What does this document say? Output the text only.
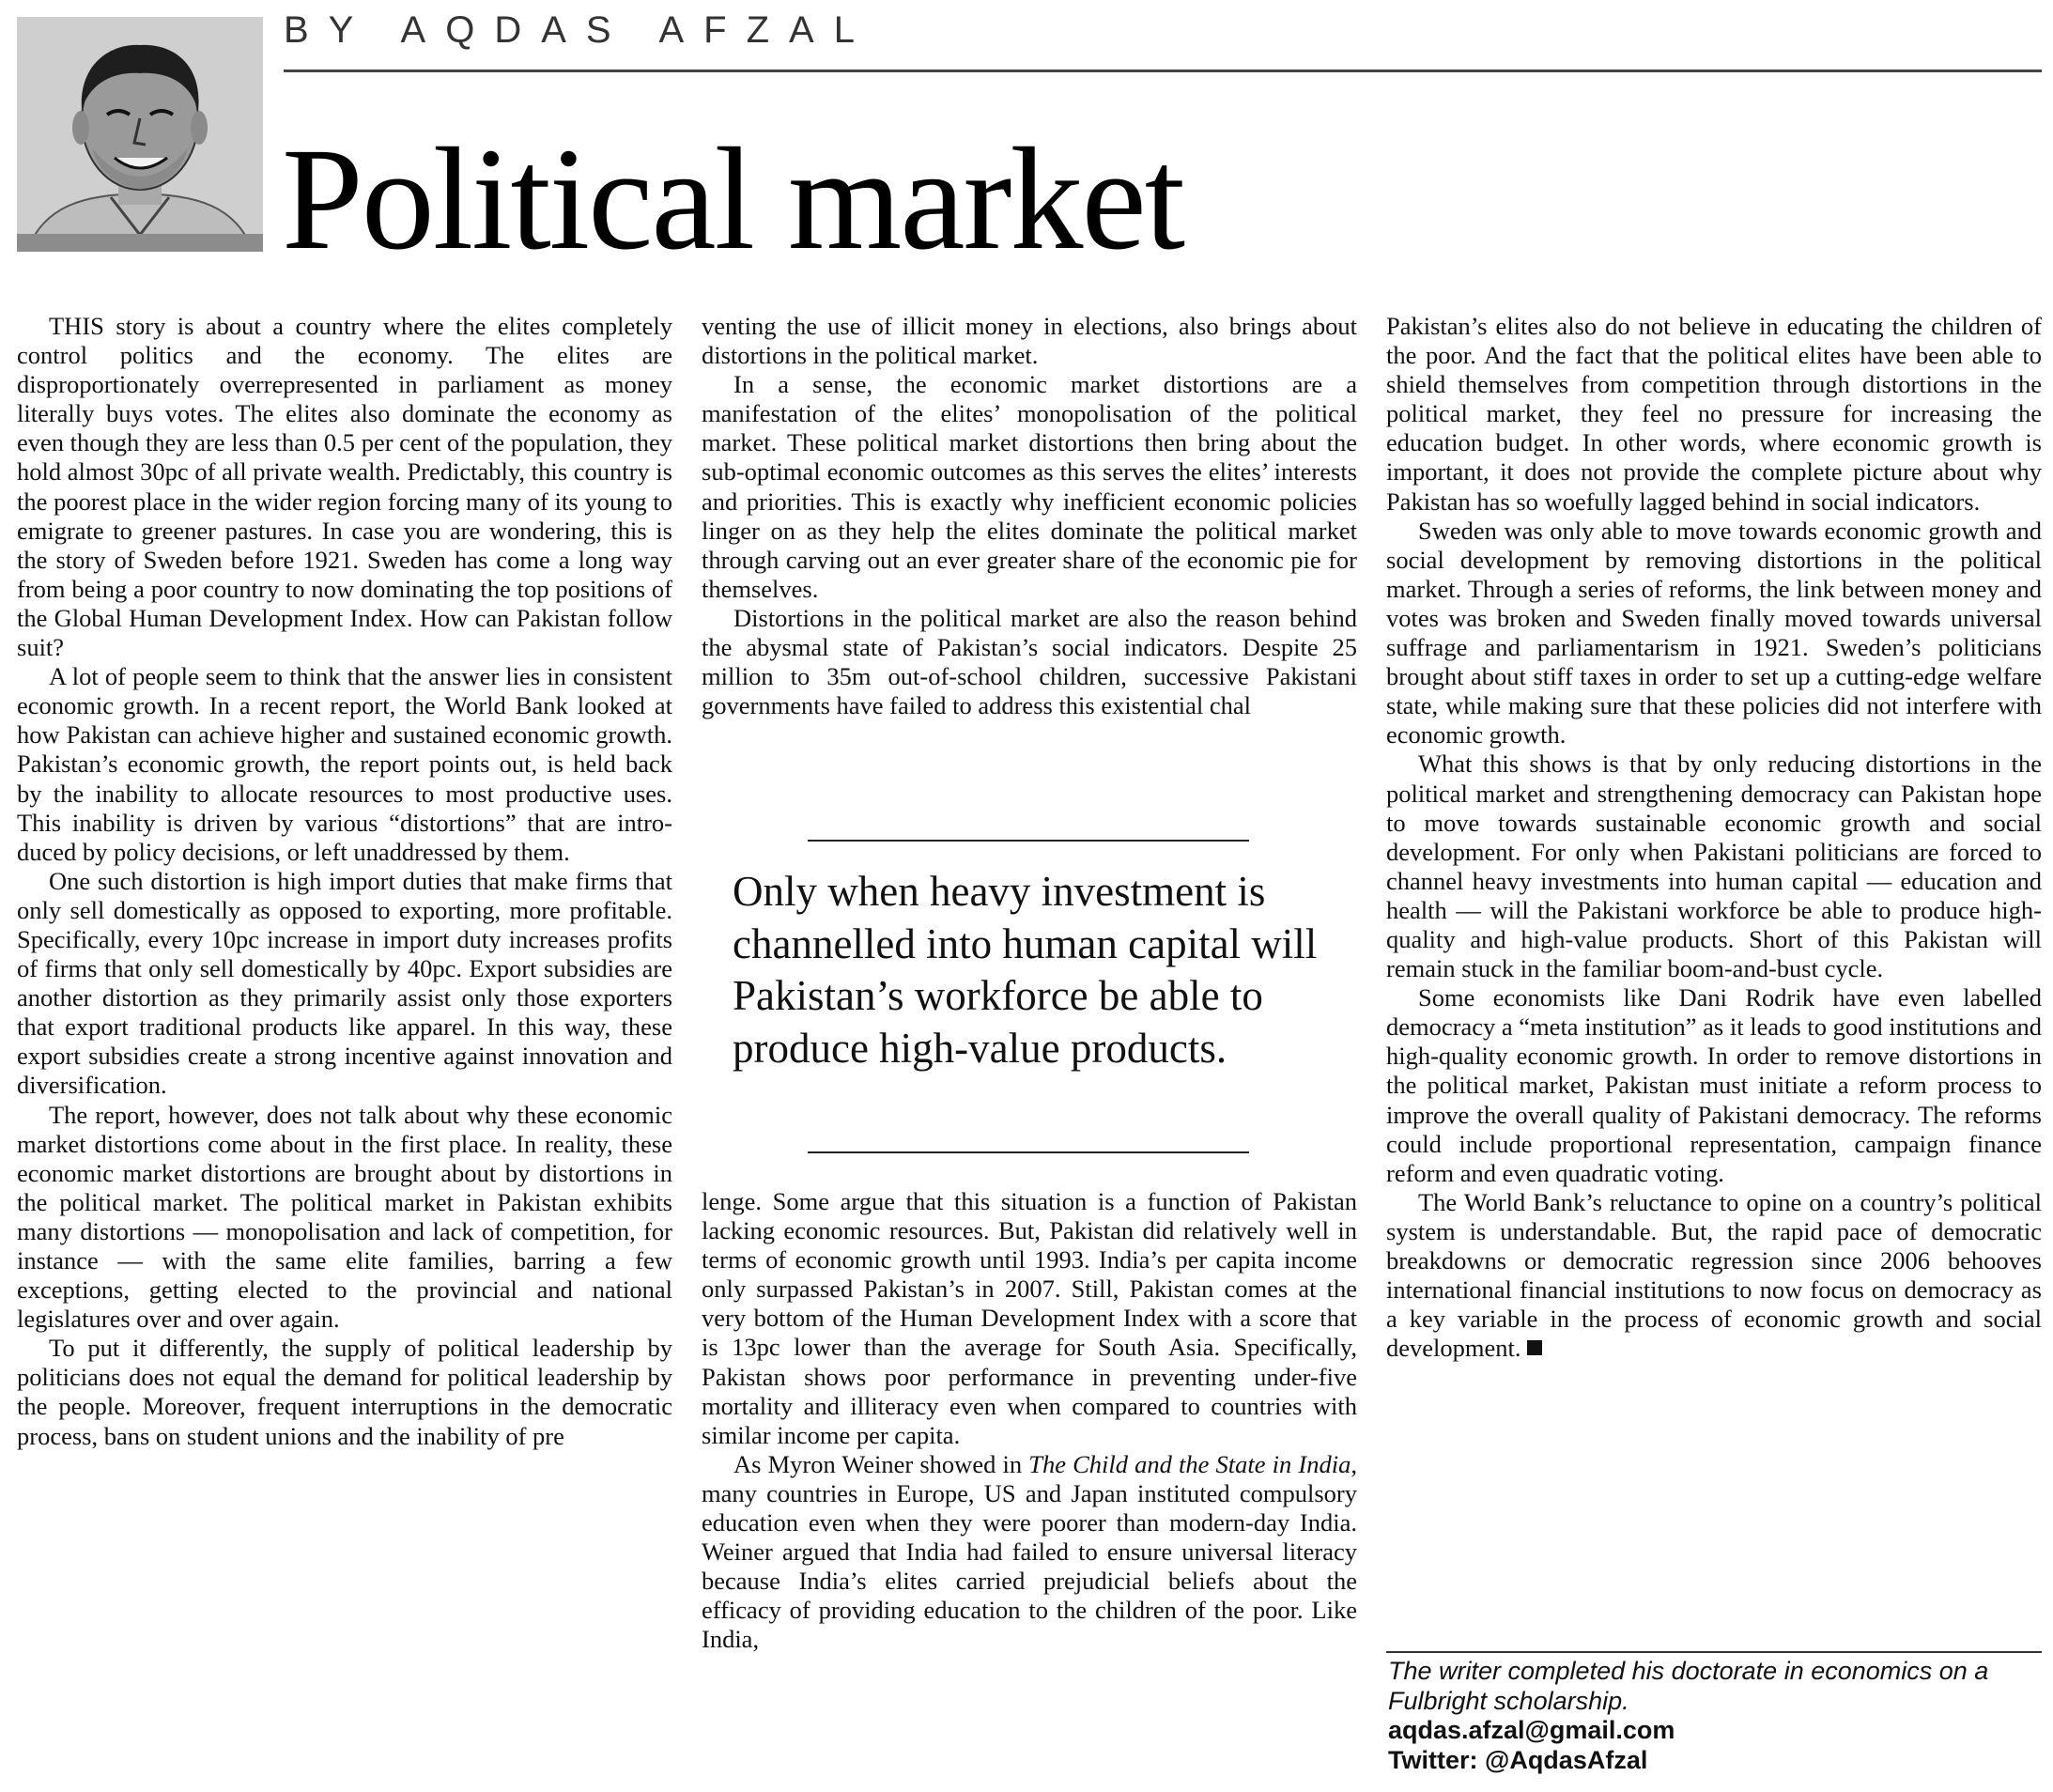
BY AQDAS AFZAL
Political market

THIS story is about a country where the elites completely control politics and the economy. The elites are disproportionately overrepresented in parliament as money literally buys votes. The elites also dominate the economy as even though they are less than 0.5 per cent of the population, they hold almost 30pc of all private wealth. Predictably, this country is the poorest place in the wider region forcing many of its young to emigrate to greener pastures. In case you are wondering, this is the story of Sweden before 1921. Sweden has come a long way from being a poor country to now dominating the top positions of the Global Human Development Index. How can Pakistan follow suit?

A lot of people seem to think that the answer lies in consistent economic growth. In a recent report, the World Bank looked at how Pakistan can achieve higher and sustained economic growth. Pakistan’s economic growth, the report points out, is held back by the inability to allocate resources to most productive uses. This inability is driven by various “distortions” that are introduced by policy decisions, or left unaddressed by them.

One such distortion is high import duties that make firms that only sell domestically as opposed to exporting, more profitable. Specifically, every 10pc increase in import duty increases profits of firms that only sell domestically by 40pc. Export subsidies are another distortion as they primarily assist only those exporters that export traditional products like apparel. In this way, these export subsidies create a strong incentive against innovation and diversification.

The report, however, does not talk about why these economic market distortions come about in the first place. In reality, these economic market distortions are brought about by distortions in the political market. The political market in Pakistan exhibits many distortions — monopolisation and lack of competition, for instance — with the same elite families, barring a few exceptions, getting elected to the provincial and national legislatures over and over again.

To put it differently, the supply of political leadership by politicians does not equal the demand for political leadership by the people. Moreover, frequent interruptions in the democratic process, bans on student unions and the inability of pre

venting the use of illicit money in elections, also brings about distortions in the political market.

In a sense, the economic market distortions are a manifestation of the elites’ monopolisation of the political market. These political market distortions then bring about the sub-optimal economic outcomes as this serves the elites’ interests and priorities. This is exactly why inefficient economic policies linger on as they help the elites dominate the political market through carving out an ever greater share of the economic pie for themselves.

Distortions in the political market are also the reason behind the abysmal state of Pakistan’s social indicators. Despite 25 million to 35m out-of-school children, successive Pakistani governments have failed to address this existential chal

Only when heavy investment is channelled into human capital will Pakistan’s workforce be able to produce high-value products.

lenge. Some argue that this situation is a function of Pakistan lacking economic resources. But, Pakistan did relatively well in terms of economic growth until 1993. India’s per capita income only surpassed Pakistan’s in 2007. Still, Pakistan comes at the very bottom of the Human Development Index with a score that is 13pc lower than the average for South Asia. Specifically, Pakistan shows poor performance in preventing under-five mortality and illiteracy even when compared to countries with similar income per capita.

As Myron Weiner showed in The Child and the State in India, many countries in Europe, US and Japan instituted compulsory education even when they were poorer than modern-day India. Weiner argued that India had failed to ensure universal literacy because India’s elites carried prejudicial beliefs about the efficacy of providing education to the children of the poor. Like India,

Pakistan’s elites also do not believe in educating the children of the poor. And the fact that the political elites have been able to shield themselves from competition through distortions in the political market, they feel no pressure for increasing the education budget. In other words, where economic growth is important, it does not provide the complete picture about why Pakistan has so woefully lagged behind in social indicators.

Sweden was only able to move towards economic growth and social development by removing distortions in the political market. Through a series of reforms, the link between money and votes was broken and Sweden finally moved towards universal suffrage and parliamentarism in 1921. Sweden’s politicians brought about stiff taxes in order to set up a cutting-edge welfare state, while making sure that these policies did not interfere with economic growth.

What this shows is that by only reducing distortions in the political market and strengthening democracy can Pakistan hope to move towards sustainable economic growth and social development. For only when Pakistani politicians are forced to channel heavy investments into human capital — education and health — will the Pakistani workforce be able to produce high-quality and high-value products. Short of this Pakistan will remain stuck in the familiar boom-and-bust cycle.

Some economists like Dani Rodrik have even labelled democracy a “meta institution” as it leads to good institutions and high-quality economic growth. In order to remove distortions in the political market, Pakistan must initiate a reform process to improve the overall quality of Pakistani democracy. The reforms could include proportional representation, campaign finance reform and even quadratic voting.

The World Bank’s reluctance to opine on a country’s political system is understandable. But, the rapid pace of democratic breakdowns or democratic regression since 2006 behooves international financial institutions to now focus on democracy as a key variable in the process of economic growth and social development.

The writer completed his doctorate in economics on a Fulbright scholarship.

aqdas.afzal@gmail.com

Twitter: @AqdasAfzal
